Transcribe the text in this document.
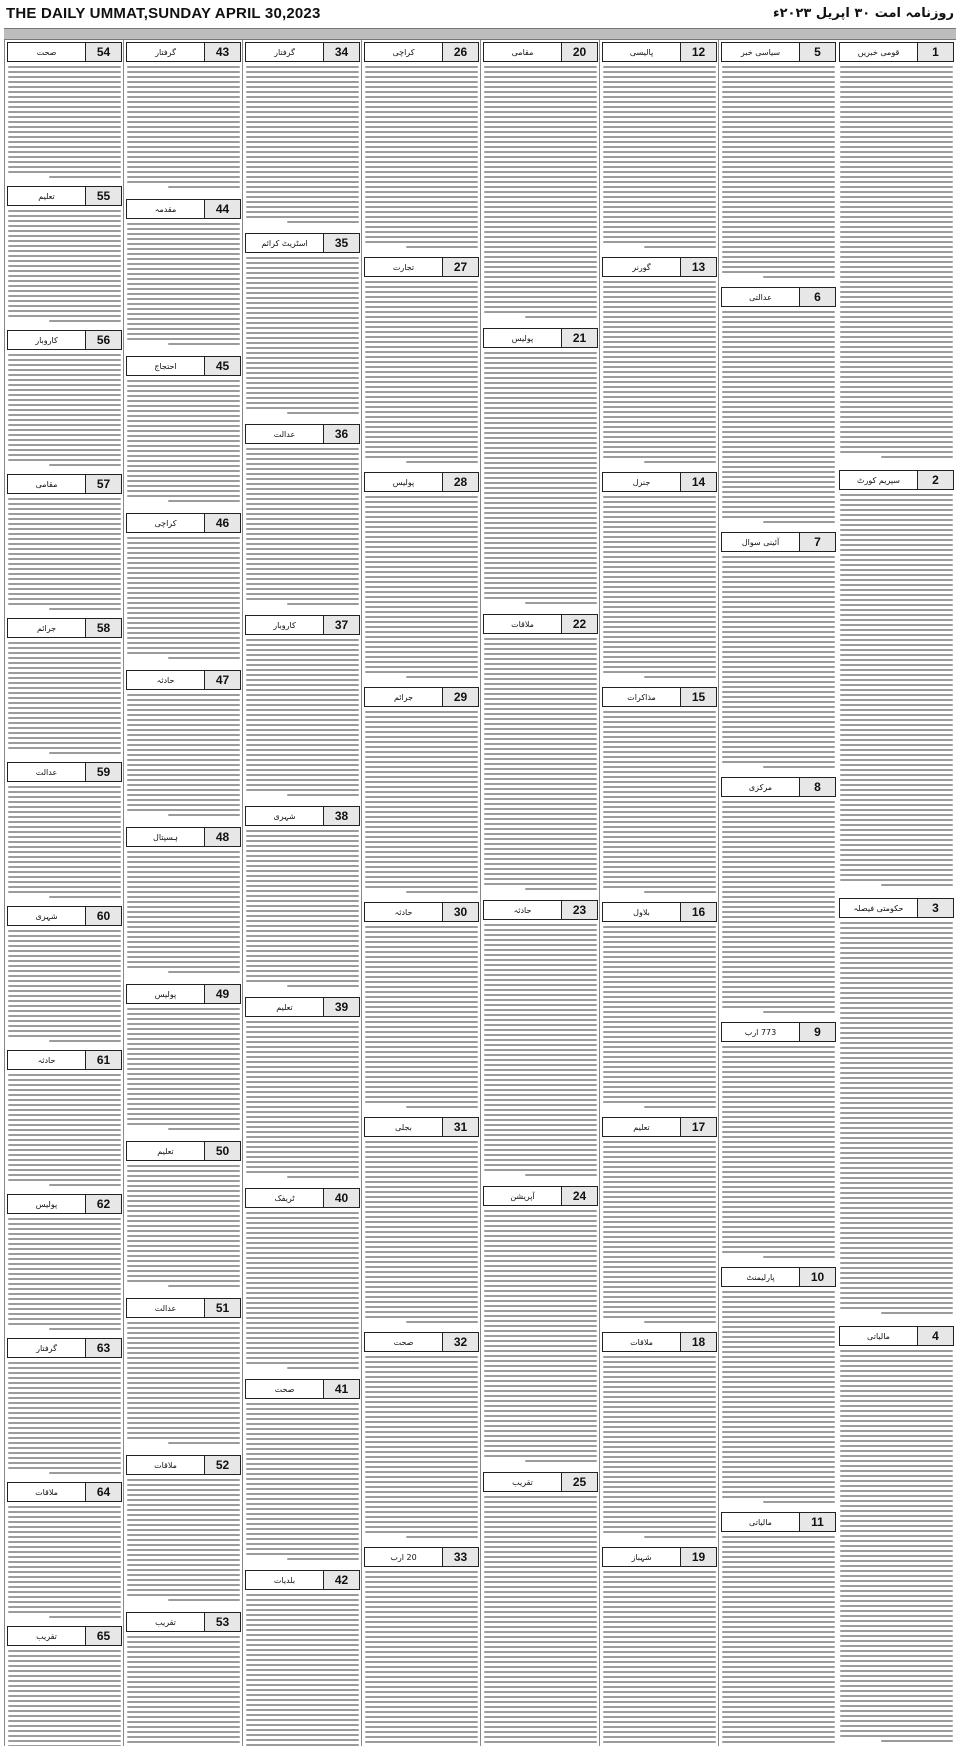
THE DAILY UMMAT,SUNDAY APRIL 30,2023	روزنامہ امت ۳۰ اپریل ۲۰۲۳ء
1
قومی خبریں
2
سپریم کورٹ
3
حکومتی فیصلہ
4
مالیاتی
5
سیاسی خبر
6
عدالتی
7
آئینی سوال
8
مرکزی
9
773 ارب
10
پارلیمنٹ
11
مالیاتی
12
پالیسی
13
گورنر
14
جنرل
15
مذاکرات
16
بلاول
17
تعلیم
18
ملاقات
19
شہباز
20
مقامی
21
پولیس
22
ملاقات
23
حادثہ
24
آپریشن
25
تقریب
26
کراچی
27
تجارت
28
پولیس
29
جرائم
30
حادثہ
31
بجلی
32
صحت
33
20 ارب
34
گرفتار
35
اسٹریٹ کرائم
36
عدالت
37
کاروبار
38
شہری
39
تعلیم
40
ٹریفک
41
صحت
42
بلدیات
43
گرفتار
44
مقدمہ
45
احتجاج
46
کراچی
47
حادثہ
48
ہسپتال
49
پولیس
50
تعلیم
51
عدالت
52
ملاقات
53
تقریب
54
صحت
55
تعلیم
56
کاروبار
57
مقامی
58
جرائم
59
عدالت
60
شہری
61
حادثہ
62
پولیس
63
گرفتار
64
ملاقات
65
تقریب
